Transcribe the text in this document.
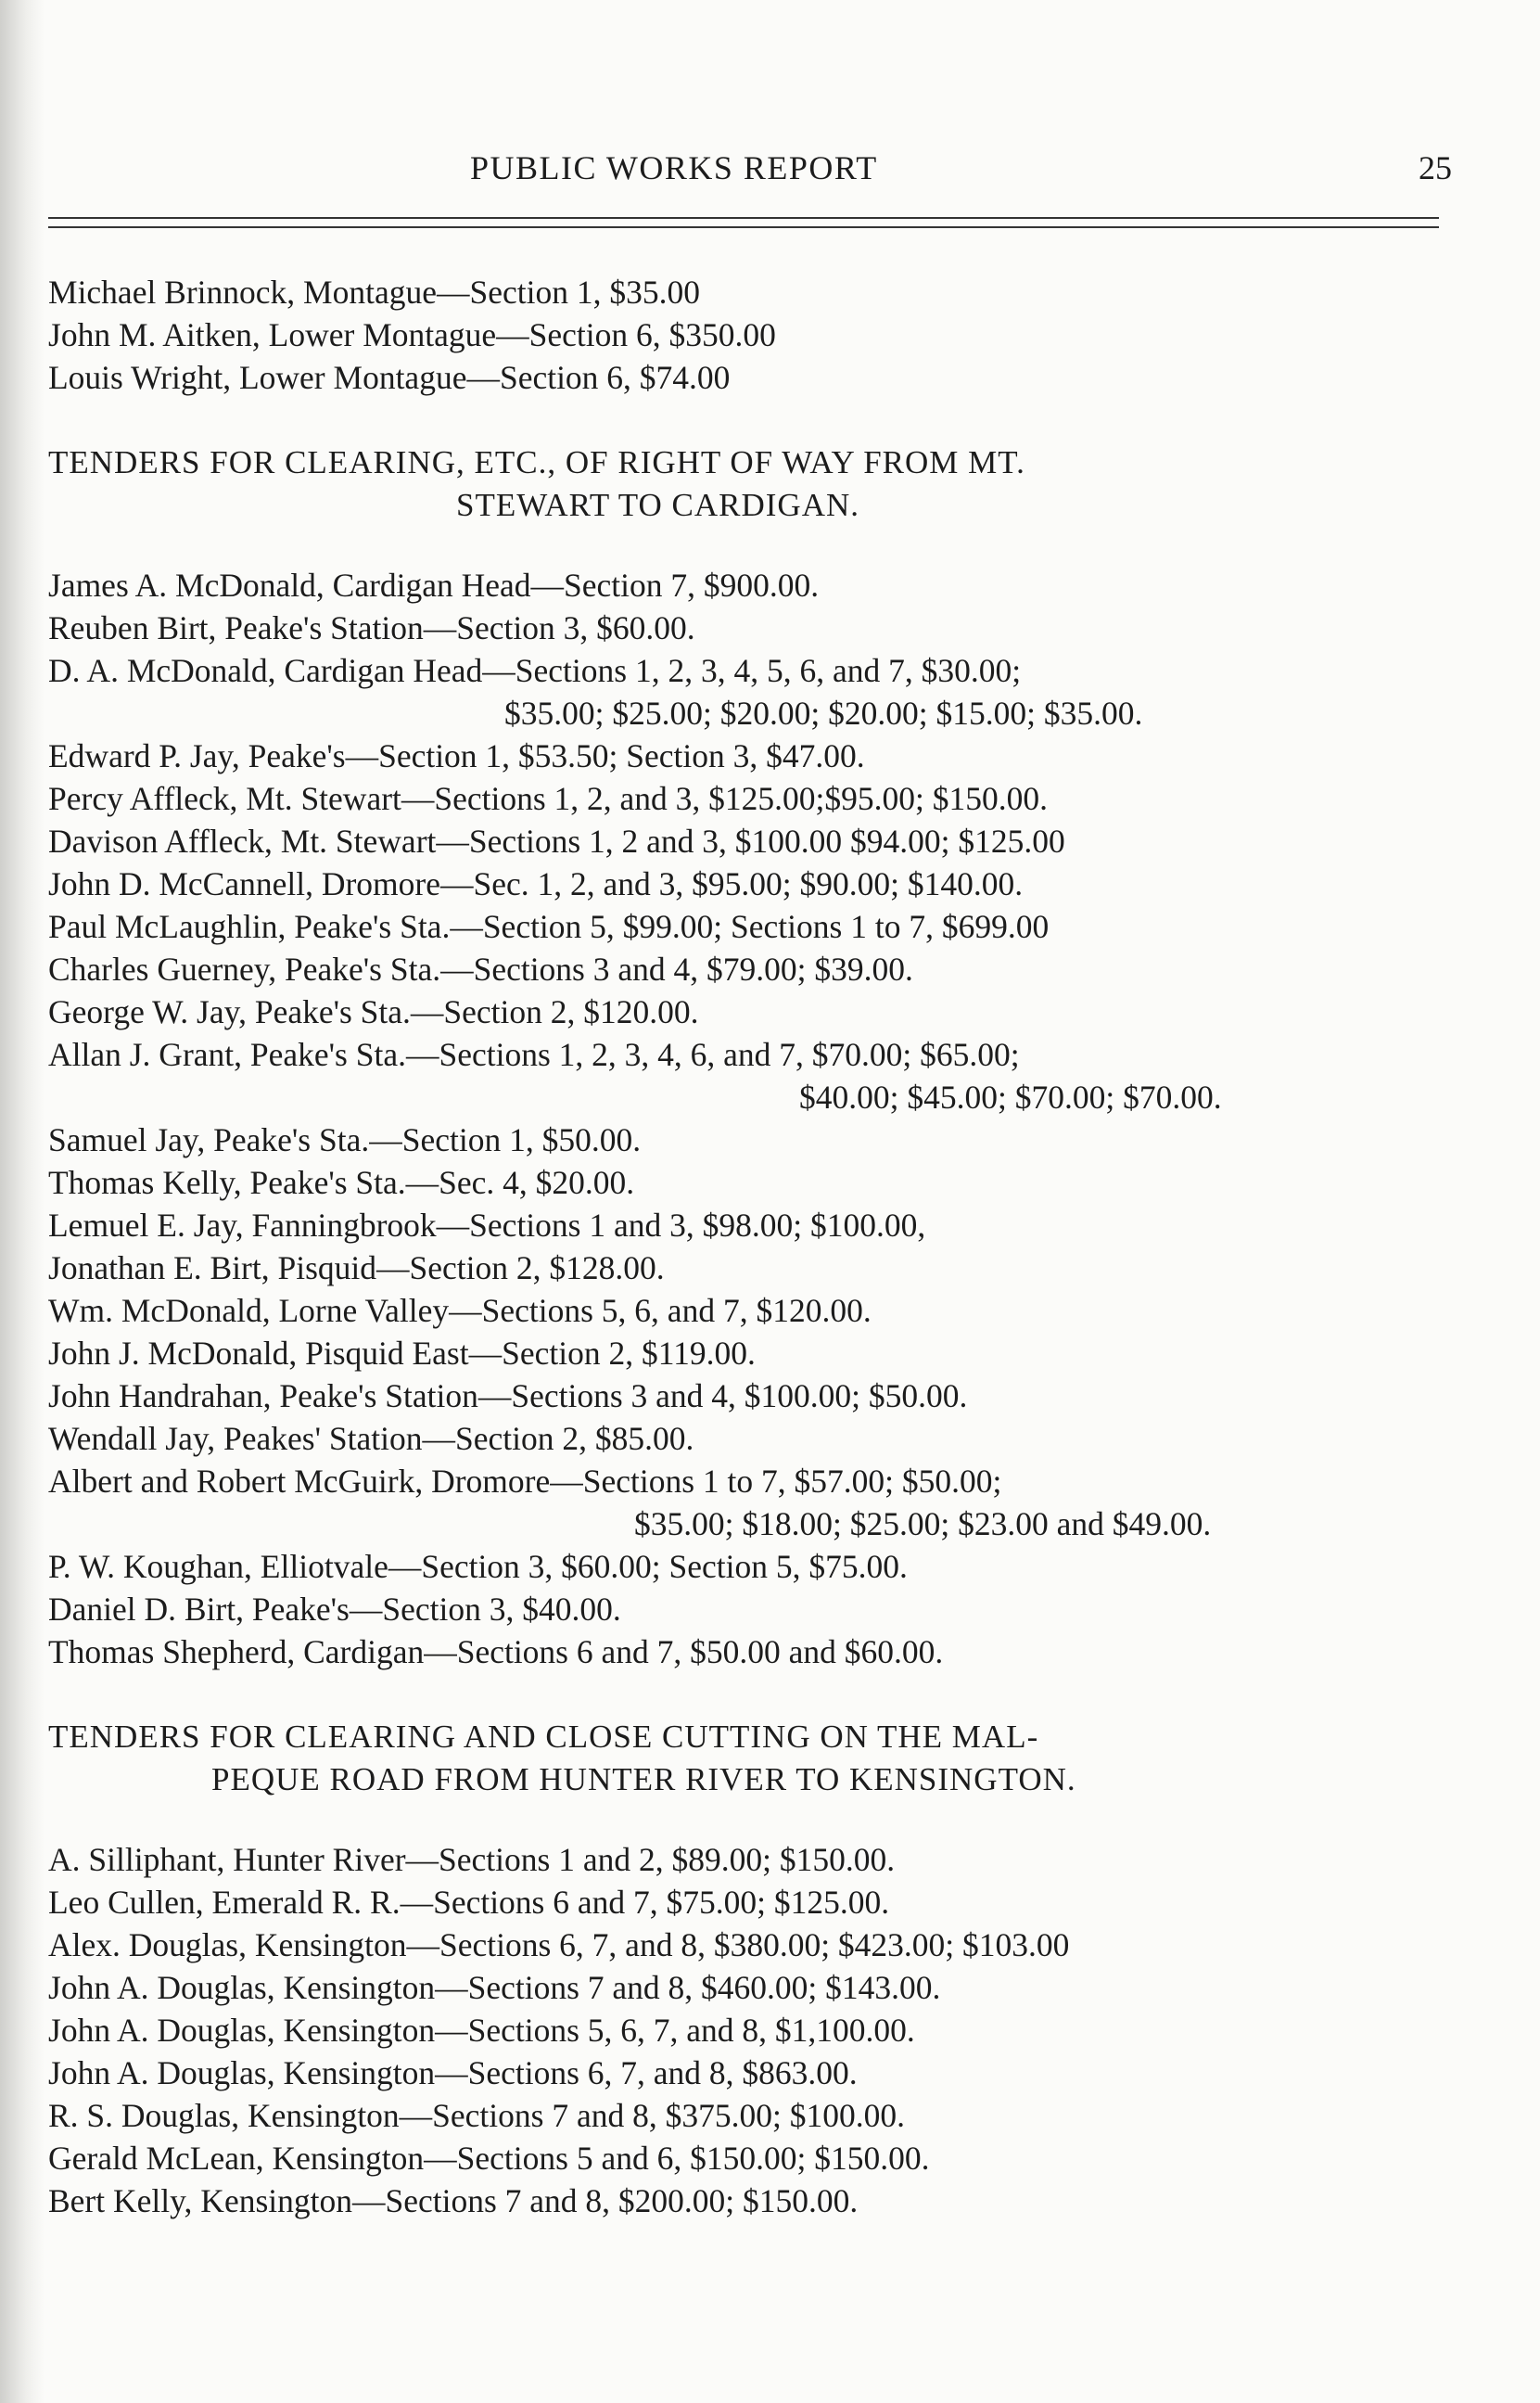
PUBLIC WORKS REPORT	25
Michael Brinnock, Montague—Section 1, $35.00
John M. Aitken, Lower Montague—Section 6, $350.00
Louis Wright, Lower Montague—Section 6, $74.00
TENDERS FOR CLEARING, ETC., OF RIGHT OF WAY FROM MT.
STEWART TO CARDIGAN.
James A. McDonald, Cardigan Head—Section 7, $900.00.
Reuben Birt, Peake's Station—Section 3, $60.00.
D. A. McDonald, Cardigan Head—Sections 1, 2, 3, 4, 5, 6, and 7, $30.00;
$35.00; $25.00; $20.00; $20.00; $15.00; $35.00.
Edward P. Jay, Peake's—Section 1, $53.50; Section 3, $47.00.
Percy Affleck, Mt. Stewart—Sections 1, 2, and 3, $125.00;$95.00; $150.00.
Davison Affleck, Mt. Stewart—Sections 1, 2 and 3, $100.00 $94.00; $125.00
John D. McCannell, Dromore—Sec. 1, 2, and 3, $95.00; $90.00; $140.00.
Paul McLaughlin, Peake's Sta.—Section 5, $99.00; Sections 1 to 7, $699.00
Charles Guerney, Peake's Sta.—Sections 3 and 4, $79.00; $39.00.
George W. Jay, Peake's Sta.—Section 2, $120.00.
Allan J. Grant, Peake's Sta.—Sections 1, 2, 3, 4, 6, and 7, $70.00; $65.00;
$40.00; $45.00; $70.00; $70.00.
Samuel Jay, Peake's Sta.—Section 1, $50.00.
Thomas Kelly, Peake's Sta.—Sec. 4, $20.00.
Lemuel E. Jay, Fanningbrook—Sections 1 and 3, $98.00; $100.00,
Jonathan E. Birt, Pisquid—Section 2, $128.00.
Wm. McDonald, Lorne Valley—Sections 5, 6, and 7, $120.00.
John J. McDonald, Pisquid East—Section 2, $119.00.
John Handrahan, Peake's Station—Sections 3 and 4, $100.00; $50.00.
Wendall Jay, Peakes' Station—Section 2, $85.00.
Albert and Robert McGuirk, Dromore—Sections 1 to 7, $57.00; $50.00;
$35.00; $18.00; $25.00; $23.00 and $49.00.
P. W. Koughan, Elliotvale—Section 3, $60.00; Section 5, $75.00.
Daniel D. Birt, Peake's—Section 3, $40.00.
Thomas Shepherd, Cardigan—Sections 6 and 7, $50.00 and $60.00.
TENDERS FOR CLEARING AND CLOSE CUTTING ON THE MAL-
PEQUE ROAD FROM HUNTER RIVER TO KENSINGTON.
A. Silliphant, Hunter River—Sections 1 and 2, $89.00; $150.00.
Leo Cullen, Emerald R. R.—Sections 6 and 7, $75.00; $125.00.
Alex. Douglas, Kensington—Sections 6, 7, and 8, $380.00; $423.00; $103.00
John A. Douglas, Kensington—Sections 7 and 8, $460.00; $143.00.
John A. Douglas, Kensington—Sections 5, 6, 7, and 8, $1,100.00.
John A. Douglas, Kensington—Sections 6, 7, and 8, $863.00.
R. S. Douglas, Kensington—Sections 7 and 8, $375.00; $100.00.
Gerald McLean, Kensington—Sections 5 and 6, $150.00; $150.00.
Bert Kelly, Kensington—Sections 7 and 8, $200.00; $150.00.
